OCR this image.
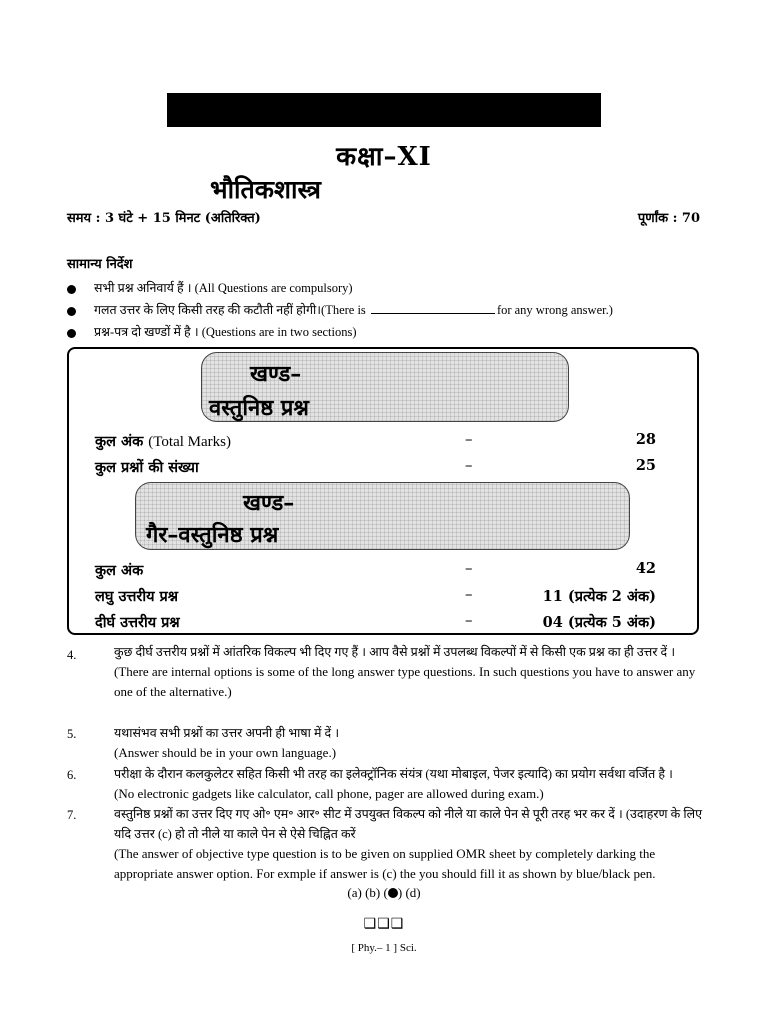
कक्षा–XI
भौतिकशास्त्र
समय : 3 घंटे + 15 मिनट (अतिरिक्त)	पूर्णांक : 70
सामान्य निर्देश
सभी प्रश्न अनिवार्य हैं । (All Questions are compulsory)
गलत उत्तर के लिए किसी तरह की कटौती नहीं होगी।(There is	for any wrong answer.)
प्रश्न-पत्र दो खण्डों में है । (Questions are in two sections)
खण्ड–
वस्तुनिष्ठ प्रश्न
कुल अंक (Total Marks)	–	28
कुल प्रश्नों की संख्या	–	25
खण्ड–
गैर–वस्तुनिष्ठ प्रश्न
कुल अंक	–	42
लघु उत्तरीय प्रश्न	–	11 (प्रत्येक 2 अंक)
दीर्घ उत्तरीय प्रश्न	–	04 (प्रत्येक 5 अंक)
4.	कुछ दीर्घ उत्तरीय प्रश्नों में आंतरिक विकल्प भी दिए गए हैं । आप वैसे प्रश्नों में उपलब्ध विकल्पों में से किसी एक प्रश्न का ही उत्तर दें ।
(There are internal options is some of the long answer type questions. In such questions you have to answer any one of the alternative.)
5.	यथासंभव सभी प्रश्नों का उत्तर अपनी ही भाषा में दें ।
(Answer should be in your own language.)
6.	परीक्षा के दौरान कलकुलेटर सहित किसी भी तरह का इलेक्ट्रॉनिक संयंत्र (यथा मोबाइल, पेजर इत्यादि) का प्रयोग सर्वथा वर्जित है ।
(No electronic gadgets like calculator, call phone, pager are allowed during exam.)
7.	वस्तुनिष्ठ प्रश्नों का उत्तर दिए गए ओ॰ एम॰ आर॰ सीट में उपयुक्त विकल्प को नीले या काले पेन से पूरी तरह भर कर दें । (उदाहरण के लिए यदि उत्तर (c) हो तो नीले या काले पेन से ऐसे चिह्नित करें
(The answer of objective type question is to be given on supplied OMR sheet by completely darking the appropriate answer option. For exmple if answer is (c) the you should fill it as shown by blue/black pen.
(a) (b) ( ) (d)
❑❑❑
[ Phy.– 1 ] Sci.
